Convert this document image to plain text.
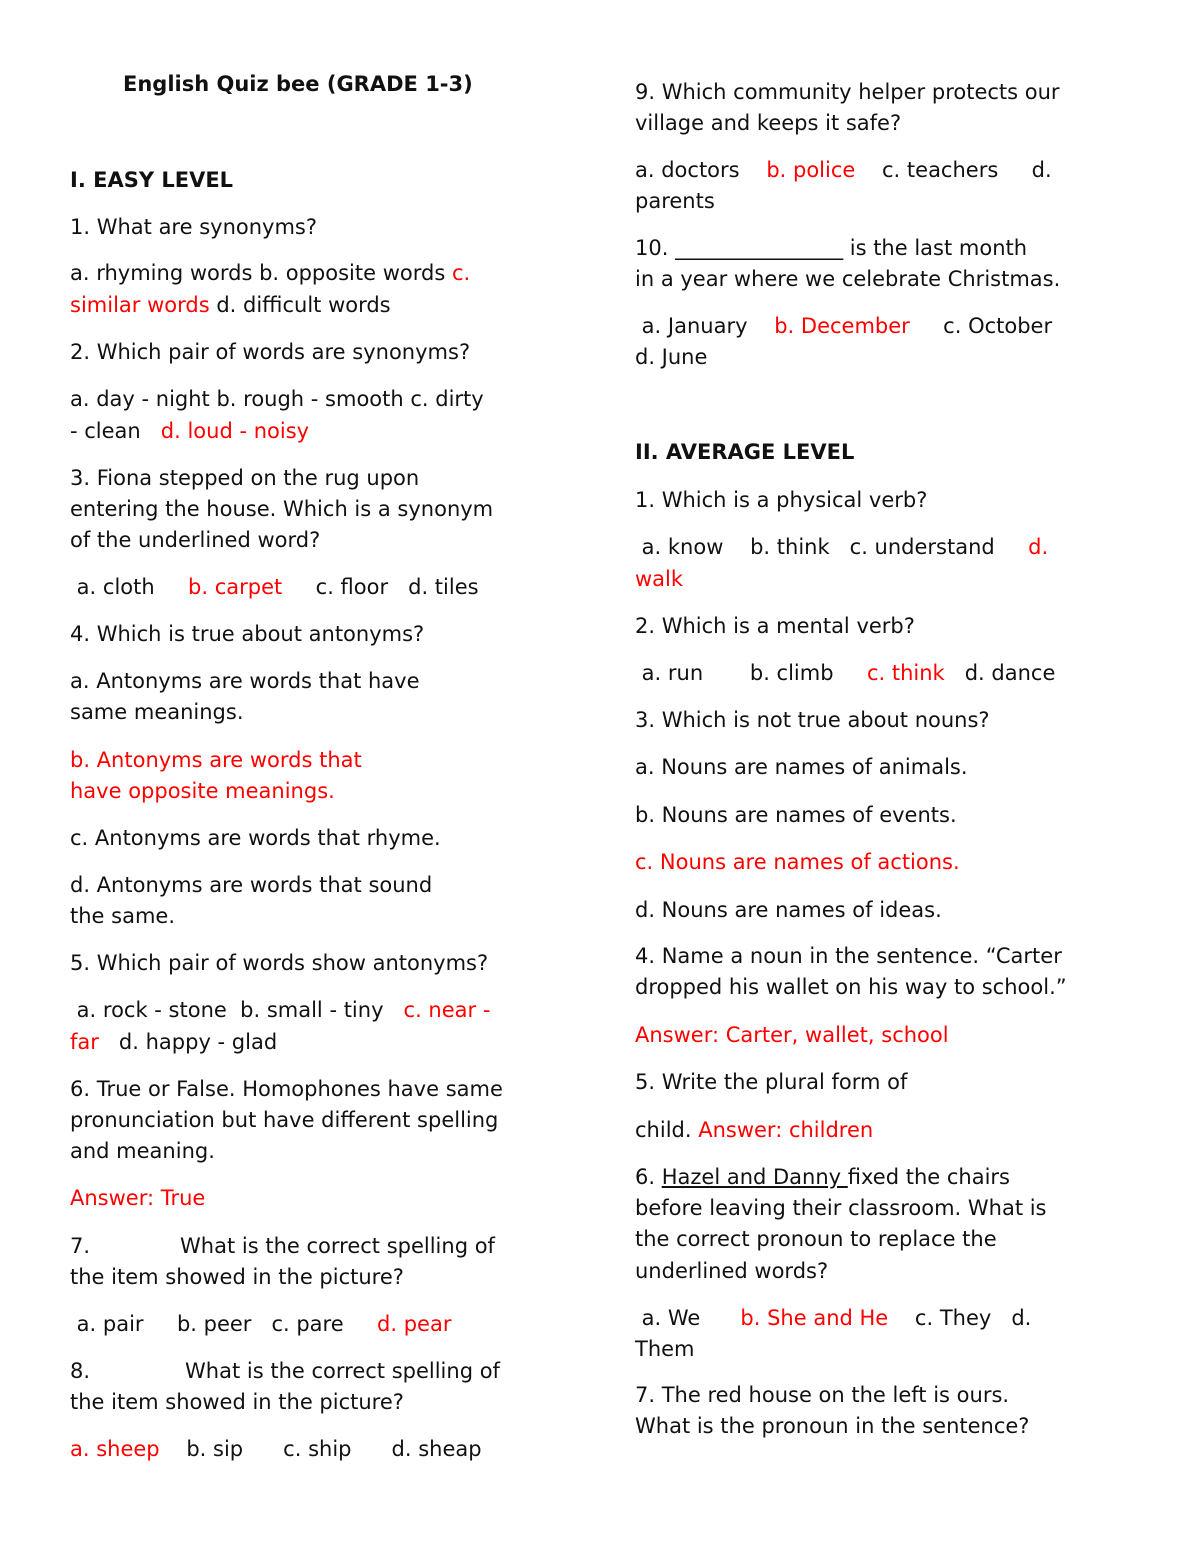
English Quiz bee (GRADE 1-3)

I. EASY LEVEL

1. What are synonyms?

a. rhyming words b. opposite words c.

similar words d. difficult words

2. Which pair of words are synonyms?

a. day - night b. rough - smooth c. dirty

- clean   d. loud - noisy

3. Fiona stepped on the rug upon

entering the house. Which is a synonym

of the underlined word?

a. cloth     b. carpet     c. floor   d. tiles

4. Which is true about antonyms?

a. Antonyms are words that have

same meanings.

b. Antonyms are words that

have opposite meanings.

c. Antonyms are words that rhyme.

d. Antonyms are words that sound

the same.

5. Which pair of words show antonyms?

a. rock - stone  b. small - tiny   c. near -

far   d. happy - glad

6. True or False. Homophones have same

pronunciation but have different spelling

and meaning.

Answer: True

7.	What is the correct spelling of

the item showed in the picture?

a. pair     b. peer   c. pare     d. pear

8.	What is the correct spelling of

the item showed in the picture?

a. sheep    b. sip      c. ship      d. sheap

9. Which community helper protects our

village and keeps it safe?

a. doctors    b. police    c. teachers     d.

parents

10. ________________ is the last month

in a year where we celebrate Christmas.

a. January    b. December     c. October

d. June

II. AVERAGE LEVEL

1. Which is a physical verb?

a. know    b. think   c. understand     d.

walk

2. Which is a mental verb?

a. run       b. climb     c. think   d. dance

3. Which is not true about nouns?

a. Nouns are names of animals.

b. Nouns are names of events.

c. Nouns are names of actions.

d. Nouns are names of ideas.

4. Name a noun in the sentence. “Carter

dropped his wallet on his way to school.”

Answer: Carter, wallet, school

5. Write the plural form of

child. Answer: children

6. Hazel and Danny fixed the chairs

before leaving their classroom. What is

the correct pronoun to replace the

underlined words?

a. We      b. She and He    c. They   d.

Them

7. The red house on the left is ours.

What is the pronoun in the sentence?
